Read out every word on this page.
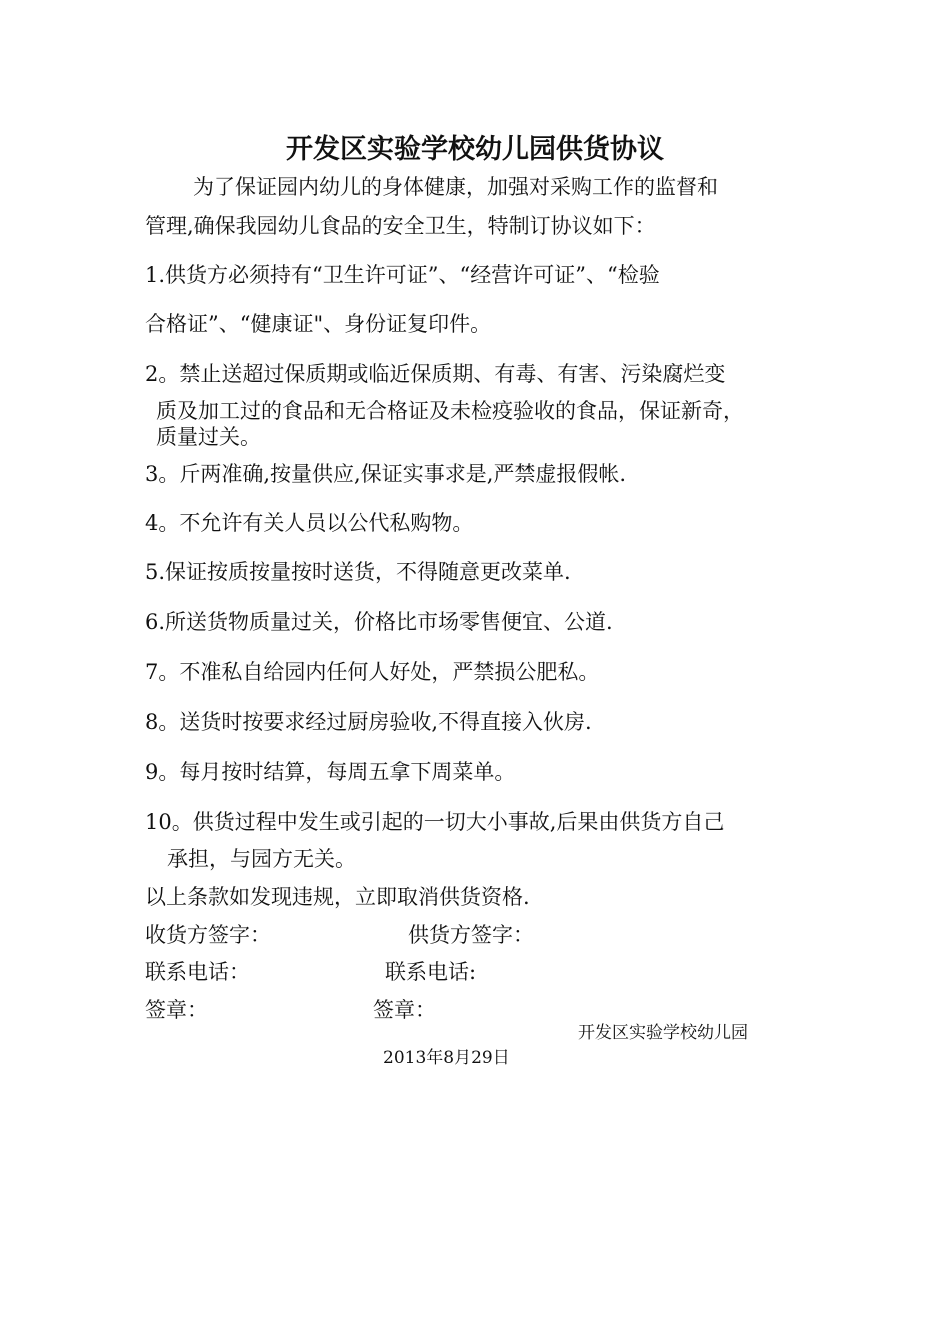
开发区实验学校幼儿园供货协议
为了保证园内幼儿的身体健康，加强对采购工作的监督和
管理,确保我园幼儿食品的安全卫生，特制订协议如下：
1.供货方必须持有“卫生许可证”、“经营许可证”、“检验
合格证”、“健康证"、身份证复印件。
2。禁止送超过保质期或临近保质期、有毒、有害、污染腐烂变
质及加工过的食品和无合格证及未检疫验收的食品，保证新奇，
质量过关。
3。斤两准确,按量供应,保证实事求是,严禁虚报假帐.
4。不允许有关人员以公代私购物。
5.保证按质按量按时送货，不得随意更改菜单.
6.所送货物质量过关，价格比市场零售便宜、公道.
7。不准私自给园内任何人好处，严禁损公肥私。
8。送货时按要求经过厨房验收,不得直接入伙房.
9。每月按时结算，每周五拿下周菜单。
10。供货过程中发生或引起的一切大小事故,后果由供货方自己
承担，与园方无关。
以上条款如发现违规，立即取消供货资格.
收货方签字：	供货方签字：
联系电话：	联系电话:
签章：	签章：
开发区实验学校幼儿园
2013年8月29日
